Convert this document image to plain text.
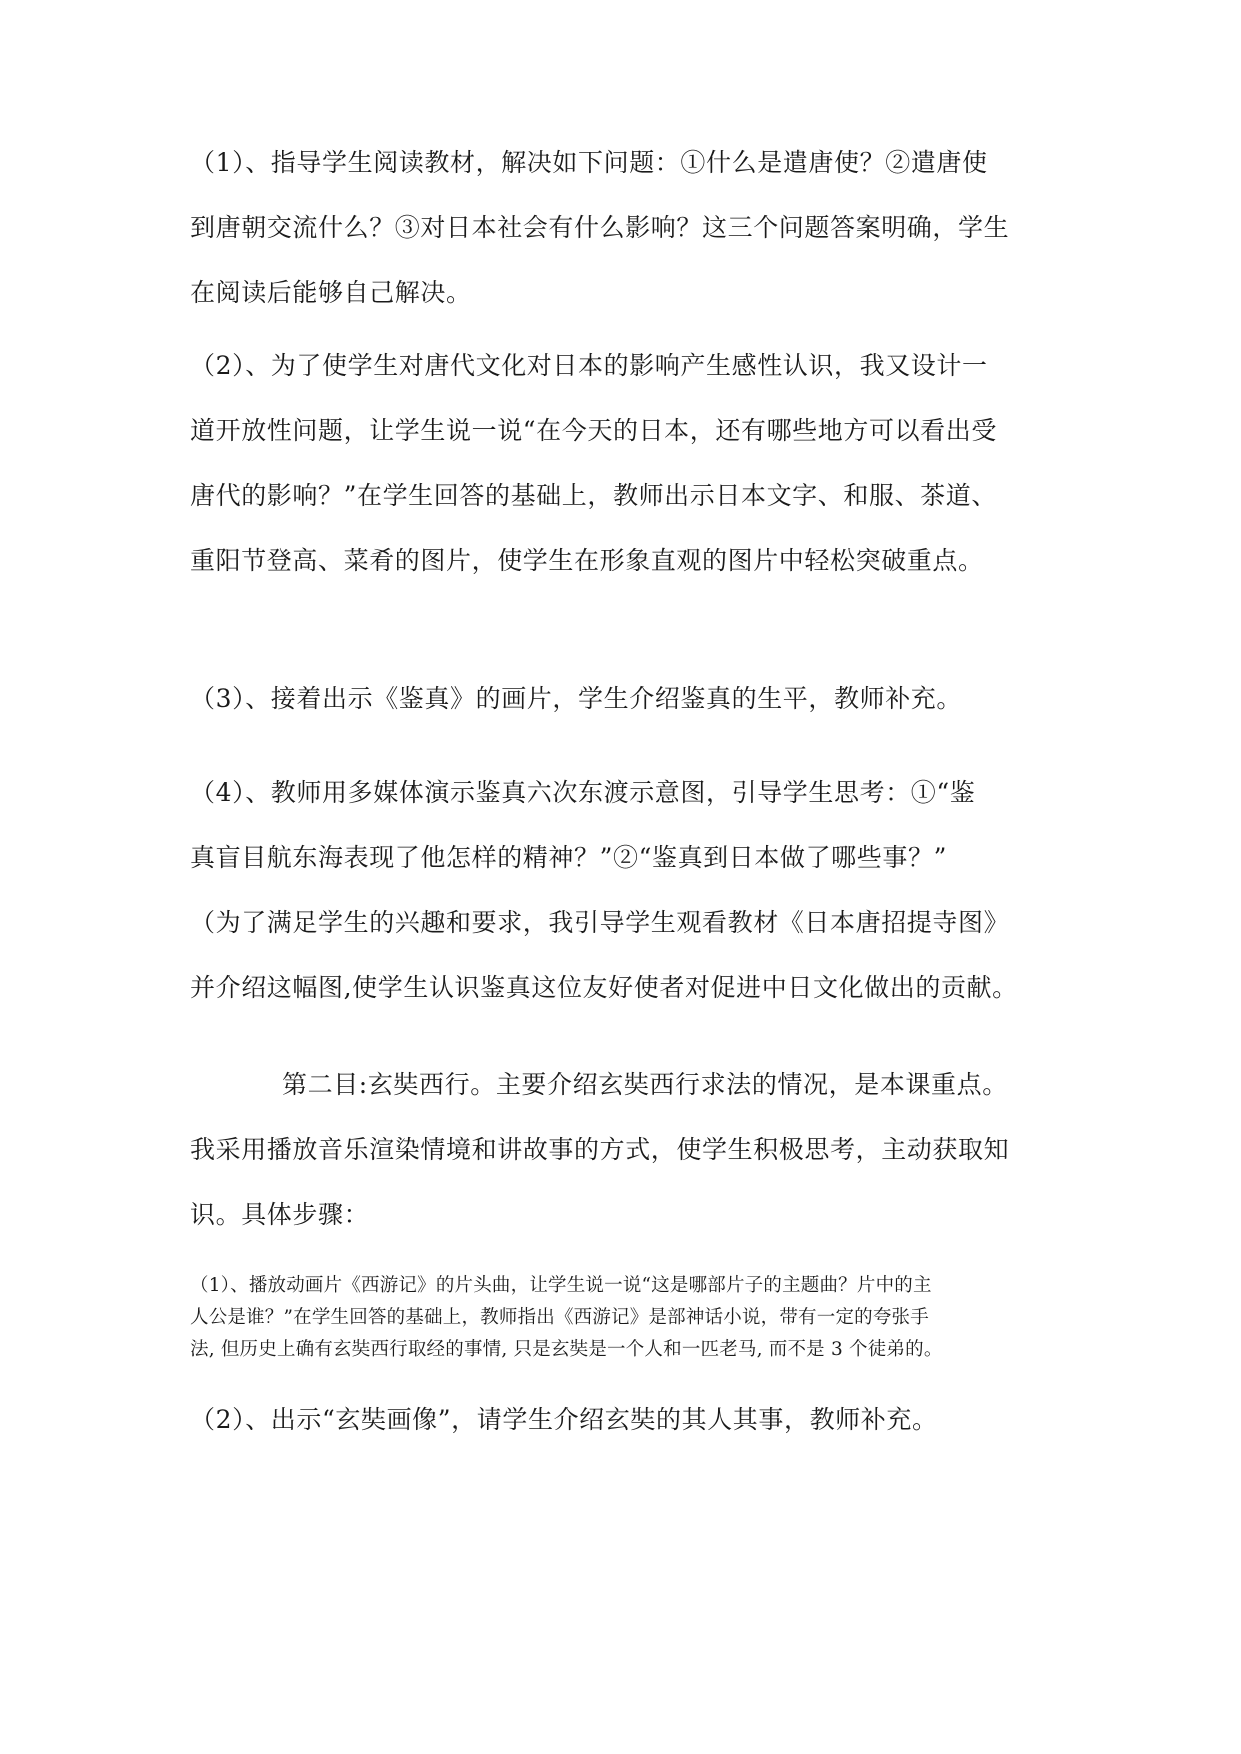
（1）、指导学生阅读教材，解决如下问题：①什么是遣唐使？②遣唐使
到唐朝交流什么？③对日本社会有什么影响？这三个问题答案明确，学生
在阅读后能够自己解决。

（2）、为了使学生对唐代文化对日本的影响产生感性认识，我又设计一
道开放性问题，让学生说一说“在今天的日本，还有哪些地方可以看出受
唐代的影响？”在学生回答的基础上，教师出示日本文字、和服、茶道、
重阳节登高、菜肴的图片，使学生在形象直观的图片中轻松突破重点。

（3）、接着出示《鉴真》的画片，学生介绍鉴真的生平，教师补充。

（4）、教师用多媒体演示鉴真六次东渡示意图，引导学生思考：①“鉴
真盲目航东海表现了他怎样的精神？”②“鉴真到日本做了哪些事？”
（为了满足学生的兴趣和要求，我引导学生观看教材《日本唐招提寺图》
并介绍这幅图,使学生认识鉴真这位友好使者对促进中日文化做出的贡献。

第二目:玄奘西行。主要介绍玄奘西行求法的情况，是本课重点。
我采用播放音乐渲染情境和讲故事的方式，使学生积极思考，主动获取知
识。具体步骤：

（1）、播放动画片《西游记》的片头曲，让学生说一说“这是哪部片子的主题曲？片中的主
人公是谁？”在学生回答的基础上，教师指出《西游记》是部神话小说，带有一定的夸张手
法, 但历史上确有玄奘西行取经的事情, 只是玄奘是一个人和一匹老马, 而不是 3 个徒弟的。

（2）、出示“玄奘画像”，请学生介绍玄奘的其人其事，教师补充。
